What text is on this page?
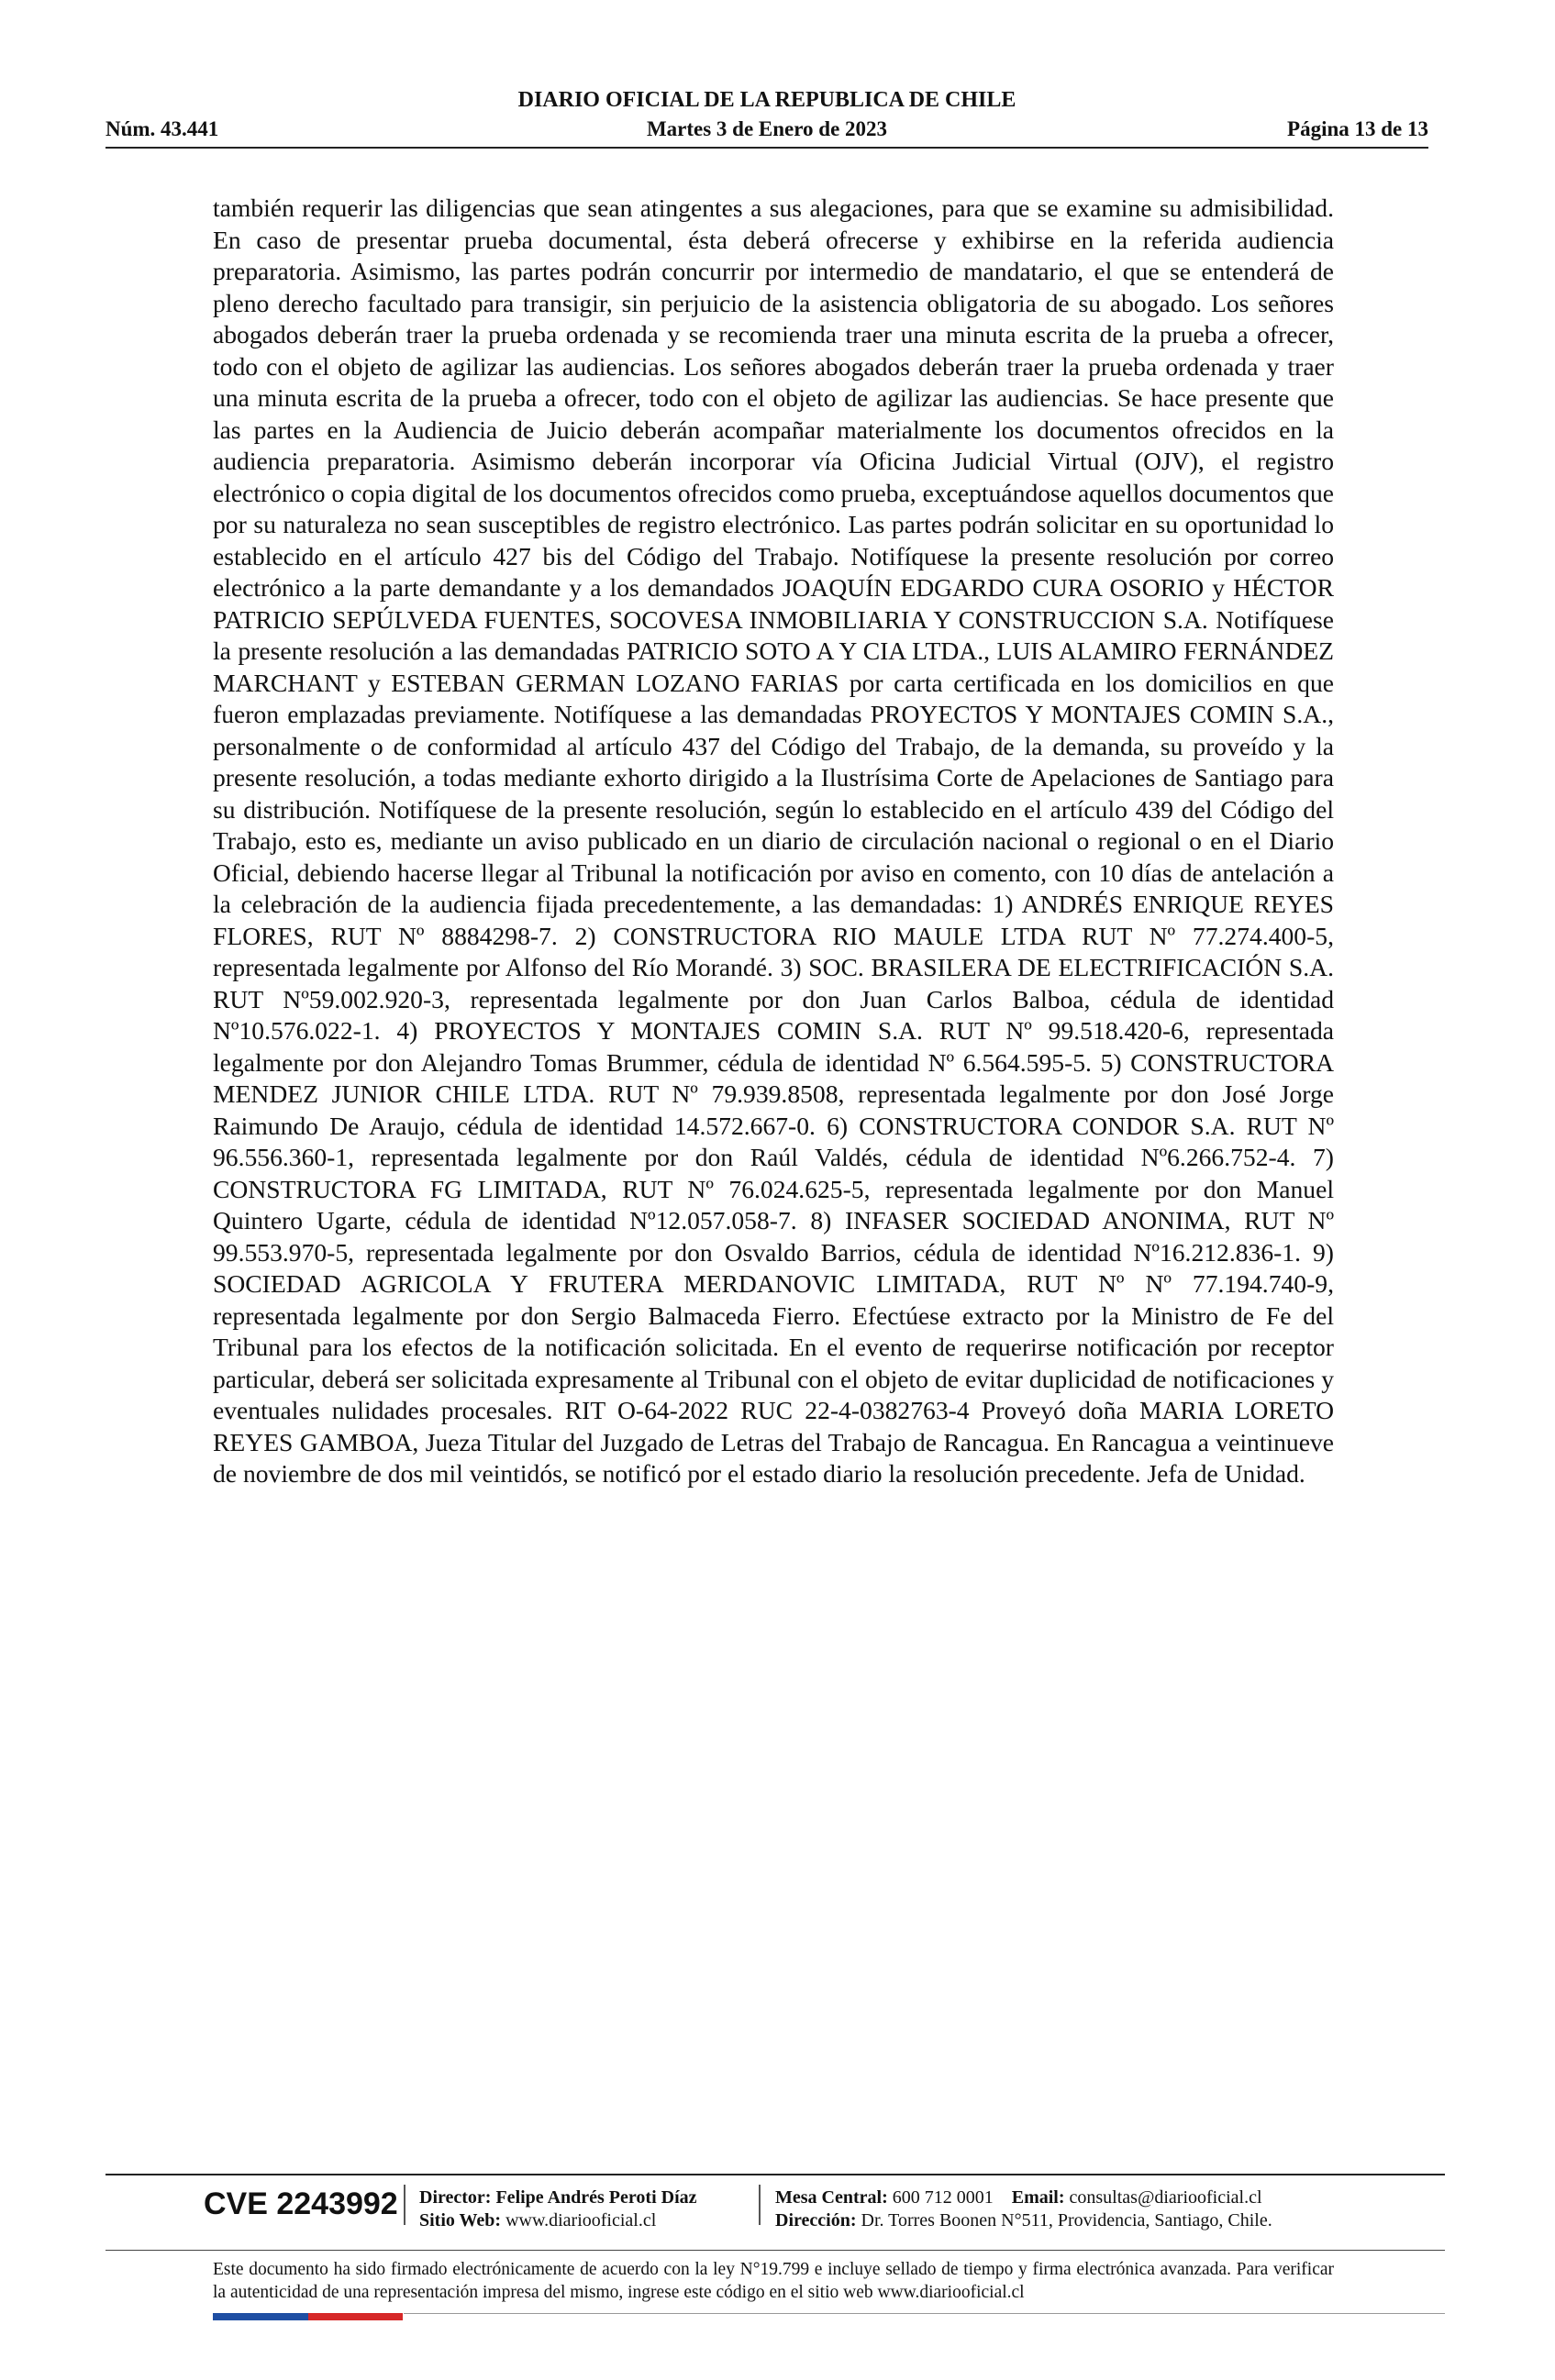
DIARIO OFICIAL DE LA REPUBLICA DE CHILE
Núm. 43.441	Martes 3 de Enero de 2023	Página 13 de 13

también requerir las diligencias que sean atingentes a sus alegaciones, para que se examine su admisibilidad. En caso de presentar prueba documental, ésta deberá ofrecerse y exhibirse en la referida audiencia preparatoria. Asimismo, las partes podrán concurrir por intermedio de mandatario, el que se entenderá de pleno derecho facultado para transigir, sin perjuicio de la asistencia obligatoria de su abogado. Los señores abogados deberán traer la prueba ordenada y se recomienda traer una minuta escrita de la prueba a ofrecer, todo con el objeto de agilizar las audiencias. Los señores abogados deberán traer la prueba ordenada y traer una minuta escrita de la prueba a ofrecer, todo con el objeto de agilizar las audiencias. Se hace presente que las partes en la Audiencia de Juicio deberán acompañar materialmente los documentos ofrecidos en la audiencia preparatoria. Asimismo deberán incorporar vía Oficina Judicial Virtual (OJV), el registro electrónico o copia digital de los documentos ofrecidos como prueba, exceptuándose aquellos documentos que por su naturaleza no sean susceptibles de registro electrónico. Las partes podrán solicitar en su oportunidad lo establecido en el artículo 427 bis del Código del Trabajo. Notifíquese la presente resolución por correo electrónico a la parte demandante y a los demandados JOAQUÍN EDGARDO CURA OSORIO y HÉCTOR PATRICIO SEPÚLVEDA FUENTES, SOCOVESA INMOBILIARIA Y CONSTRUCCION S.A. Notifíquese la presente resolución a las demandadas PATRICIO SOTO A Y CIA LTDA., LUIS ALAMIRO FERNÁNDEZ MARCHANT y ESTEBAN GERMAN LOZANO FARIAS por carta certificada en los domicilios en que fueron emplazadas previamente. Notifíquese a las demandadas PROYECTOS Y MONTAJES COMIN S.A., personalmente o de conformidad al artículo 437 del Código del Trabajo, de la demanda, su proveído y la presente resolución, a todas mediante exhorto dirigido a la Ilustrísima Corte de Apelaciones de Santiago para su distribución. Notifíquese de la presente resolución, según lo establecido en el artículo 439 del Código del Trabajo, esto es, mediante un aviso publicado en un diario de circulación nacional o regional o en el Diario Oficial, debiendo hacerse llegar al Tribunal la notificación por aviso en comento, con 10 días de antelación a la celebración de la audiencia fijada precedentemente, a las demandadas: 1) ANDRÉS ENRIQUE REYES FLORES, RUT Nº 8884298-7. 2) CONSTRUCTORA RIO MAULE LTDA RUT Nº 77.274.400-5, representada legalmente por Alfonso del Río Morandé. 3) SOC. BRASILERA DE ELECTRIFICACIÓN S.A. RUT Nº59.002.920-3, representada legalmente por don Juan Carlos Balboa, cédula de identidad Nº10.576.022-1. 4) PROYECTOS Y MONTAJES COMIN S.A. RUT Nº 99.518.420-6, representada legalmente por don Alejandro Tomas Brummer, cédula de identidad Nº 6.564.595-5. 5) CONSTRUCTORA MENDEZ JUNIOR CHILE LTDA. RUT Nº 79.939.8508, representada legalmente por don José Jorge Raimundo De Araujo, cédula de identidad 14.572.667-0. 6) CONSTRUCTORA CONDOR S.A. RUT Nº 96.556.360-1, representada legalmente por don Raúl Valdés, cédula de identidad Nº6.266.752-4. 7) CONSTRUCTORA FG LIMITADA, RUT Nº 76.024.625-5, representada legalmente por don Manuel Quintero Ugarte, cédula de identidad Nº12.057.058-7. 8) INFASER SOCIEDAD ANONIMA, RUT Nº 99.553.970-5, representada legalmente por don Osvaldo Barrios, cédula de identidad Nº16.212.836-1. 9) SOCIEDAD AGRICOLA Y FRUTERA MERDANOVIC LIMITADA, RUT Nº Nº 77.194.740-9, representada legalmente por don Sergio Balmaceda Fierro. Efectúese extracto por la Ministro de Fe del Tribunal para los efectos de la notificación solicitada. En el evento de requerirse notificación por receptor particular, deberá ser solicitada expresamente al Tribunal con el objeto de evitar duplicidad de notificaciones y eventuales nulidades procesales. RIT O-64-2022 RUC 22-4-0382763-4 Proveyó doña MARIA LORETO REYES GAMBOA, Jueza Titular del Juzgado de Letras del Trabajo de Rancagua. En Rancagua a veintinueve de noviembre de dos mil veintidós, se notificó por el estado diario la resolución precedente. Jefa de Unidad.

CVE 2243992 Director: Felipe Andrés Peroti Díaz
Sitio Web: www.diariooficial.cl
Mesa Central: 600 712 0001 Email: consultas@diariooficial.cl
Dirección: Dr. Torres Boonen N°511, Providencia, Santiago, Chile.

Este documento ha sido firmado electrónicamente de acuerdo con la ley N°19.799 e incluye sellado de tiempo y firma electrónica avanzada. Para verificar la autenticidad de una representación impresa del mismo, ingrese este código en el sitio web www.diariooficial.cl
